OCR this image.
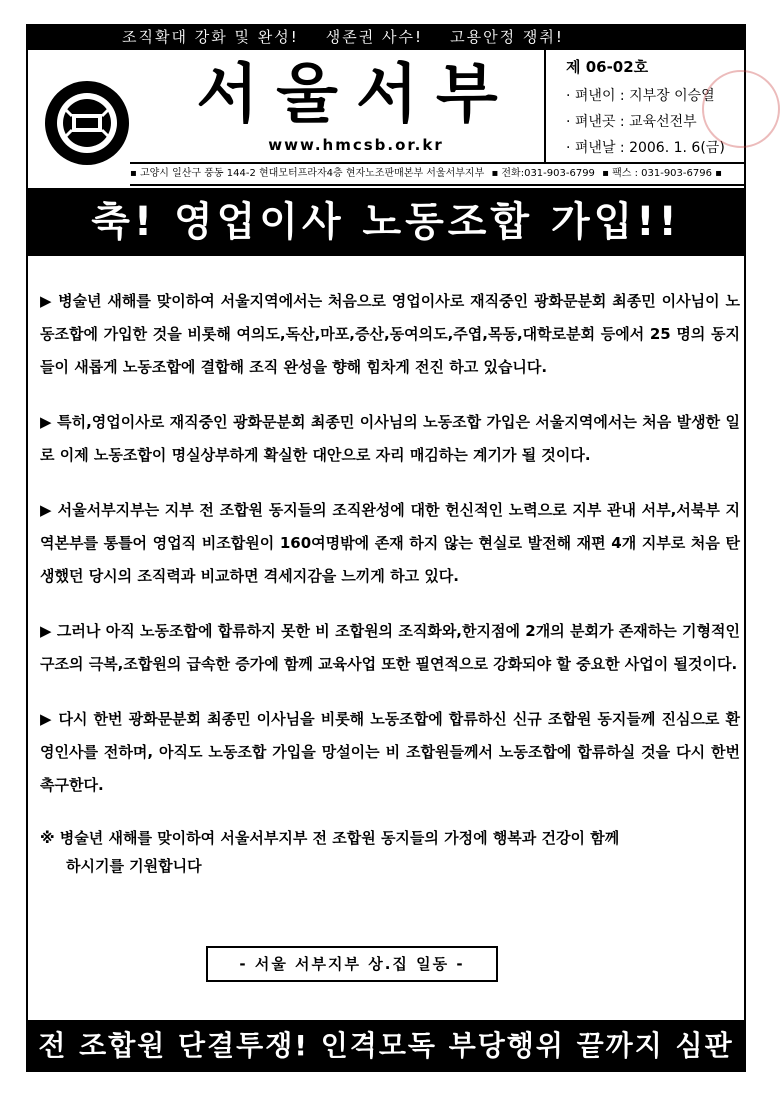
조직확대 강화 및 완성!    생존권 사수!    고용안정 쟁취!
서울서부
www.hmcsb.or.kr
제 06-02호
· 펴낸이 : 지부장 이승열
· 펴낸곳 : 교육선전부
· 펴낸날 : 2006. 1. 6(금)
▪ 고양시 일산구 풍동 144-2 현대모터프라자4층 현자노조판매본부 서울서부지부 ▪ 전화:031-903-6799 ▪ 팩스 : 031-903-6796 ▪
축! 영업이사 노동조합 가입!!

▶ 병술년 새해를 맞이하여 서울지역에서는 처음으로 영업이사로 재직중인 광화문분회 최종민 이사님이 노동조합에 가입한 것을 비롯해 여의도,독산,마포,증산,동여의도,주엽,목동,대학로분회 등에서 25 명의 동지들이 새롭게 노동조합에 결합해 조직 완성을 향해 힘차게 전진 하고 있습니다.

▶ 특히,영업이사로 재직중인 광화문분회 최종민 이사님의 노동조합 가입은 서울지역에서는 처음 발생한 일로 이제 노동조합이 명실상부하게 확실한 대안으로 자리 매김하는 계기가 될 것이다.

▶ 서울서부지부는 지부 전 조합원 동지들의 조직완성에 대한 헌신적인 노력으로 지부 관내 서부,서북부 지역본부를 통틀어 영업직 비조합원이 160여명밖에 존재 하지 않는 현실로 발전해 재편 4개 지부로 처음 탄생했던 당시의 조직력과 비교하면 격세지감을 느끼게 하고 있다.

▶ 그러나 아직 노동조합에 합류하지 못한 비 조합원의 조직화와,한지점에 2개의 분회가 존재하는 기형적인 구조의 극복,조합원의 급속한 증가에 함께 교육사업 또한 필연적으로 강화되야 할 중요한 사업이 될것이다.

▶ 다시 한번 광화문분회 최종민 이사님을 비롯해 노동조합에 합류하신 신규 조합원 동지들께 진심으로 환영인사를 전하며, 아직도 노동조합 가입을 망설이는 비 조합원들께서 노동조합에 합류하실 것을 다시 한번 촉구한다.

※ 병술년 새해를 맞이하여 서울서부지부 전 조합원 동지들의 가정에 행복과 건강이 함께
하시기를 기원합니다
- 서울 서부지부 상.집 일동 -
전 조합원 단결투쟁! 인격모독 부당행위 끝까지 심판
